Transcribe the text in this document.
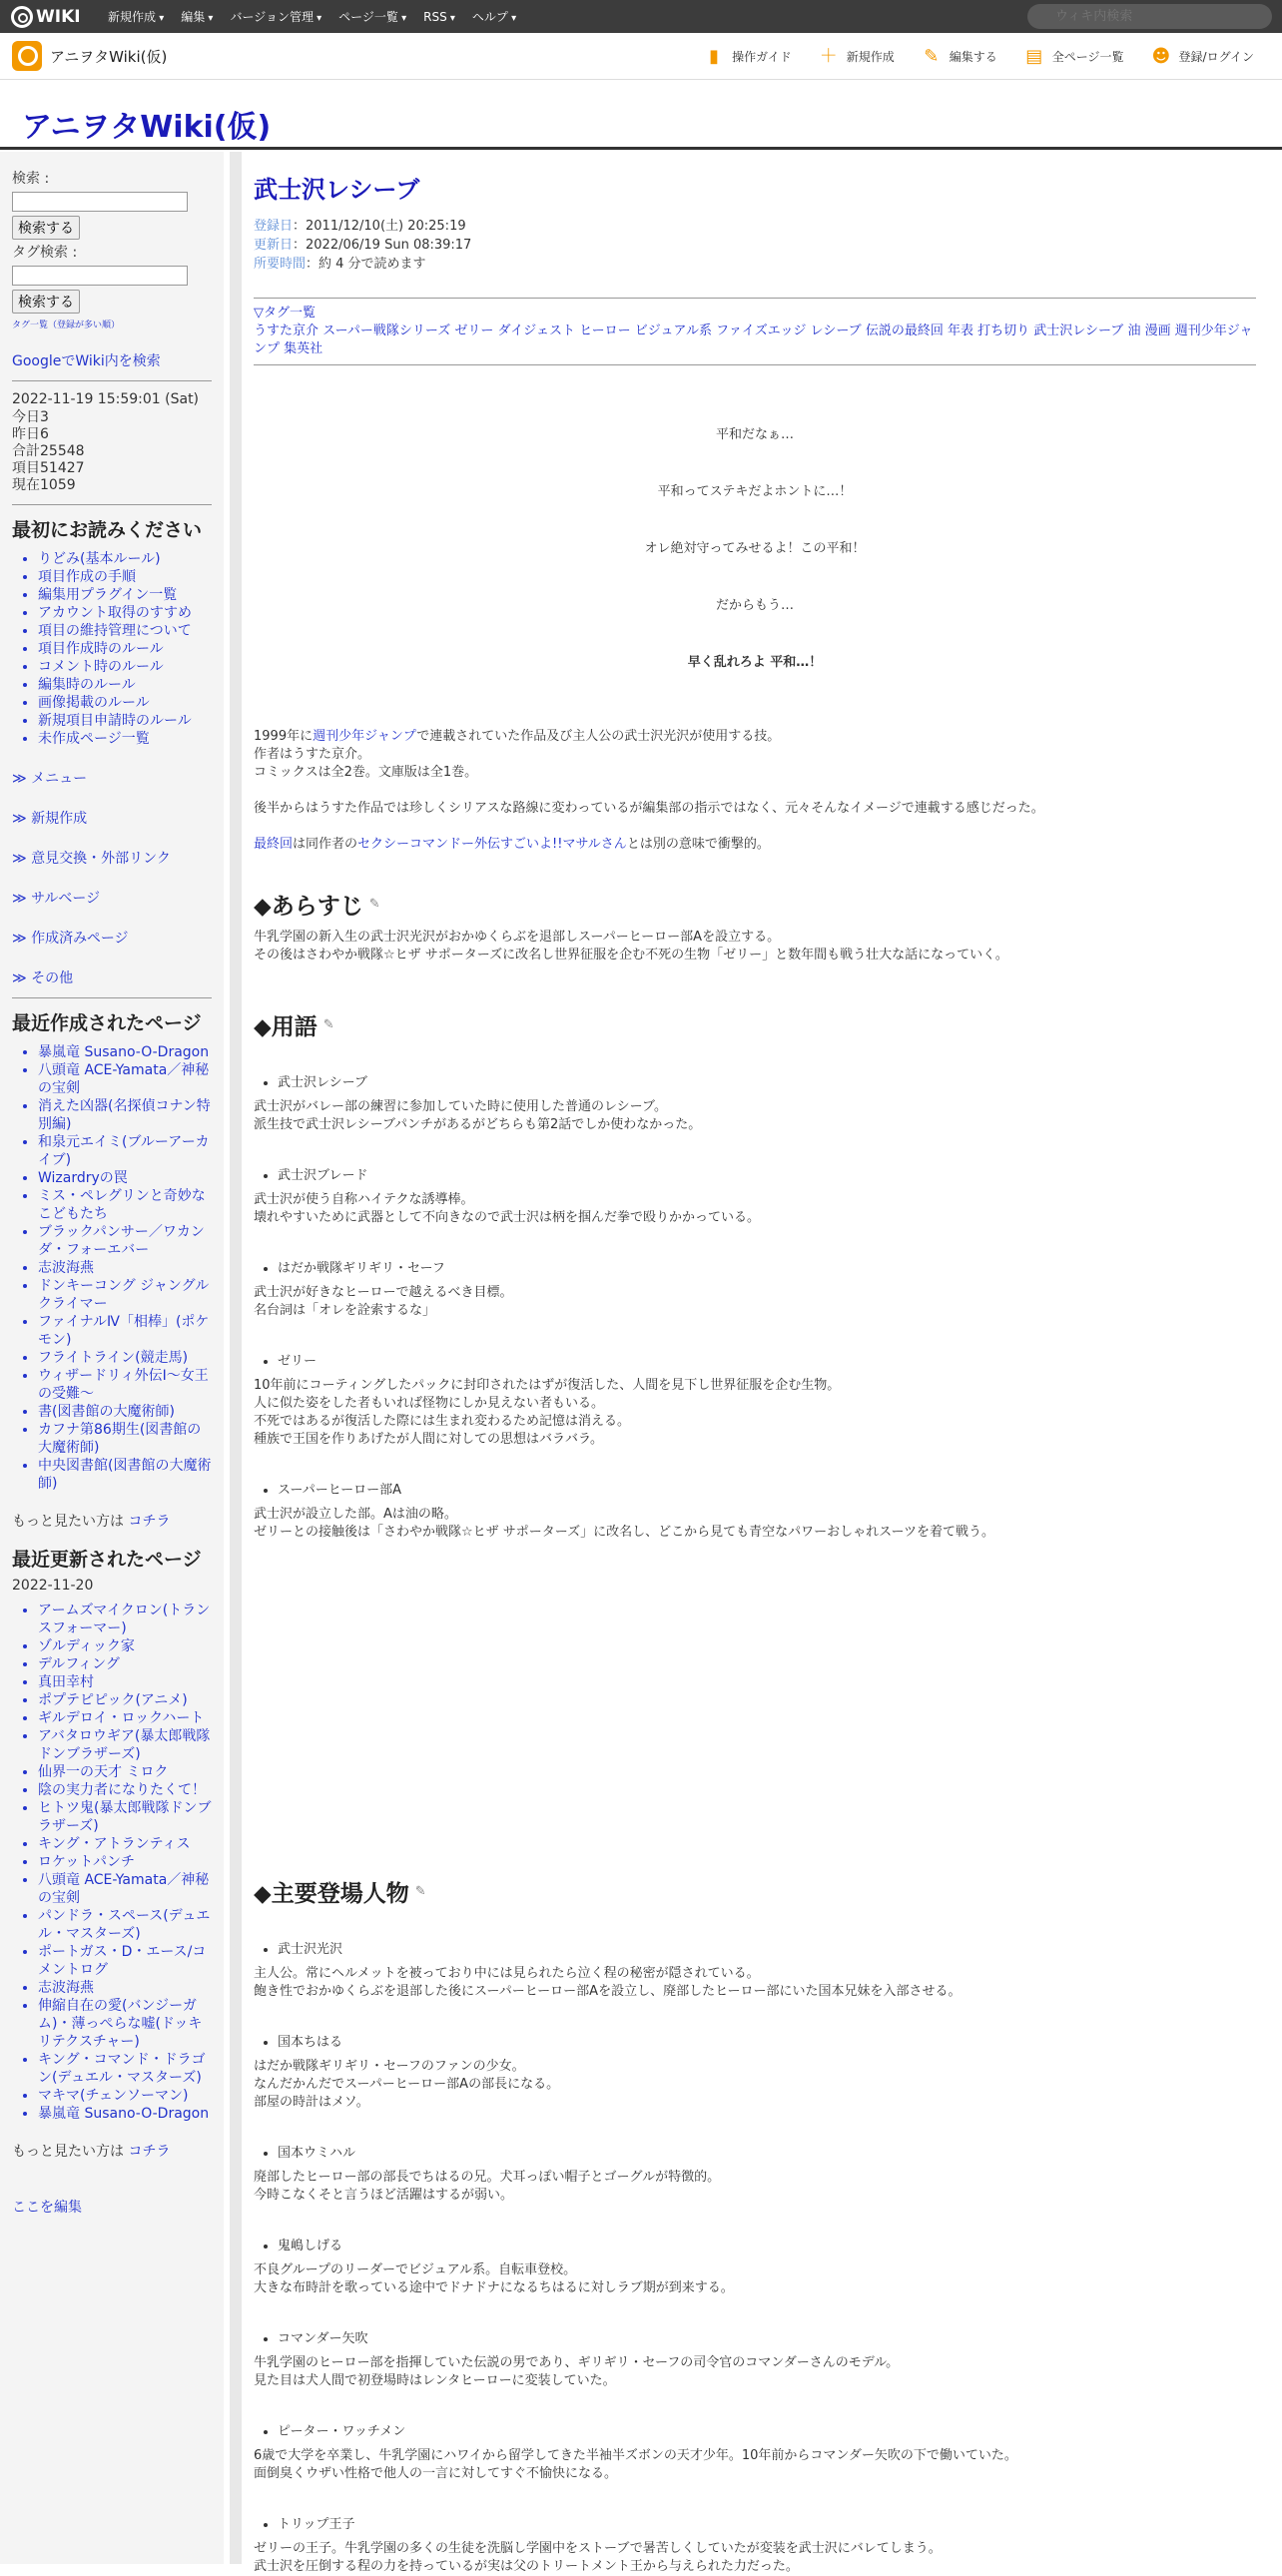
WIKI 新規作成 ▾	編集 ▾	バージョン管理 ▾	ページ一覧 ▾	RSS ▾	ヘルプ ▾
ウィキ内検索
アニヲタWiki(仮)	▮	操作ガイド ＋ 新規作成 ✎ 編集する ▤ 全ページ一覧 ☻ 登録/ログイン
アニヲタWiki(仮)
検索 :
検索する
タグ検索 :
検索する
タグ一覧（登録が多い順）
GoogleでWiki内を検索
2022-11-19 15:59:01 (Sat)
今日3
昨日6
合計25548
項目51427
現在1059
最初にお読みください
• りどみ(基本ルール)
• 項目作成の手順
• 編集用プラグイン一覧
• アカウント取得のすすめ
• 項目の維持管理について
• 項目作成時のルール
• コメント時のルール
• 編集時のルール
• 画像掲載のルール
• 新規項目申請時のルール
• 未作成ページ一覧
≫ メニュー
≫ 新規作成
≫ 意見交換・外部リンク
≫ サルベージ
≫ 作成済みページ
≫ その他
最近作成されたページ
• 暴嵐竜 Susano-O-Dragon
• 八頭竜 ACE-Yamata／神秘の宝剣
• 消えた凶器(名探偵コナン特別編)
• 和泉元エイミ(ブルーアーカイブ)
• Wizardryの罠
• ミス・ペレグリンと奇妙なこどもたち
• ブラックパンサー／ワカンダ・フォーエバー
• 志波海燕
• ドンキーコング ジャングルクライマー
• ファイナルⅣ「相棒」(ポケモン)
• フライトライン(競走馬)
• ウィザードリィ外伝Ⅰ～女王の受難～
• 書(図書館の大魔術師)
• カフナ第86期生(図書館の大魔術師)
• 中央図書館(図書館の大魔術師)
もっと見たい方は コチラ
最近更新されたページ
2022-11-20
• アームズマイクロン(トランスフォーマー)
• ゾルディック家
• デルフィング
• 真田幸村
• ポプテピピック(アニメ)
• ギルデロイ・ロックハート
• アバタロウギア(暴太郎戦隊ドンブラザーズ)
• 仙界一の天才 ミロク
• 陰の実力者になりたくて！
• ヒトツ鬼(暴太郎戦隊ドンブラザーズ)
• キング・アトランティス
• ロケットパンチ
• 八頭竜 ACE-Yamata／神秘の宝剣
• パンドラ・スペース(デュエル・マスターズ)
• ポートガス・D・エース/コメントログ
• 志波海燕
• 伸縮自在の愛(バンジーガム)・薄っぺらな嘘(ドッキリテクスチャー)
• キング・コマンド・ドラゴン(デュエル・マスターズ)
• マキマ(チェンソーマン)
• 暴嵐竜 Susano-O-Dragon
もっと見たい方は コチラ
ここを編集
武士沢レシーブ
登録日：2011/12/10(土) 20:25:19
更新日：2022/06/19 Sun 08:39:17
所要時間：約 4 分で読めます
▽タグ一覧
うすた京介 スーパー戦隊シリーズ ゼリー ダイジェスト ヒーロー ビジュアル系 ファイズエッジ レシーブ 伝説の最終回 年表 打ち切り 武士沢レシーブ 油 漫画 週刊少年ジャンプ 集英社
平和だなぁ…
平和ってステキだよホントに…！
オレ絶対守ってみせるよ！この平和！
だからもう…
早く乱れろよ 平和…！
1999年に週刊少年ジャンプで連載されていた作品及び主人公の武士沢光沢が使用する技。
作者はうすた京介。
コミックスは全2巻。文庫版は全1巻。
後半からはうすた作品では珍しくシリアスな路線に変わっているが編集部の指示ではなく、元々そんなイメージで連載する感じだった。
最終回は同作者のセクシーコマンドー外伝すごいよ!!マサルさんとは別の意味で衝撃的。
◆あらすじ ✎
牛乳学園の新入生の武士沢光沢がおかゆくらぶを退部しスーパーヒーロー部Aを設立する。
その後はさわやか戦隊☆ヒザ サポーターズに改名し世界征服を企む不死の生物「ゼリー」と数年間も戦う壮大な話になっていく。
◆用語 ✎
• 武士沢レシーブ
武士沢がバレー部の練習に参加していた時に使用した普通のレシーブ。
派生技で武士沢レシーブパンチがあるがどちらも第2話でしか使わなかった。
• 武士沢ブレード
武士沢が使う自称ハイテクな誘導棒。
壊れやすいために武器として不向きなので武士沢は柄を掴んだ拳で殴りかかっている。
• はだか戦隊ギリギリ・セーフ
武士沢が好きなヒーローで越えるべき目標。
名台詞は「オレを詮索するな」
• ゼリー
10年前にコーティングしたパックに封印されたはずが復活した、人間を見下し世界征服を企む生物。
人に似た姿をした者もいれば怪物にしか見えない者もいる。
不死ではあるが復活した際には生まれ変わるため記憶は消える。
種族で王国を作りあげたが人間に対しての思想はバラバラ。
• スーパーヒーロー部A
武士沢が設立した部。Aは油の略。
ゼリーとの接触後は「さわやか戦隊☆ヒザ サポーターズ」に改名し、どこから見ても青空なパワーおしゃれスーツを着て戦う。
◆主要登場人物 ✎
• 武士沢光沢
主人公。常にヘルメットを被っており中には見られたら泣く程の秘密が隠されている。
飽き性でおかゆくらぶを退部した後にスーパーヒーロー部Aを設立し、廃部したヒーロー部にいた国本兄妹を入部させる。
• 国本ちはる
はだか戦隊ギリギリ・セーフのファンの少女。
なんだかんだでスーパーヒーロー部Aの部長になる。
部屋の時計はメソ。
• 国本ウミハル
廃部したヒーロー部の部長でちはるの兄。犬耳っぽい帽子とゴーグルが特徴的。
今時こなくそと言うほど活躍はするが弱い。
• 鬼嶋しげる
不良グループのリーダーでビジュアル系。自転車登校。
大きな布時計を歌っている途中でドナドナになるちはるに対しラブ期が到来する。
• コマンダー矢吹
牛乳学園のヒーロー部を指揮していた伝説の男であり、ギリギリ・セーフの司令官のコマンダーさんのモデル。
見た目は犬人間で初登場時はレンタヒーローに変装していた。
• ピーター・ワッチメン
6歳で大学を卒業し、牛乳学園にハワイから留学してきた半袖半ズボンの天才少年。10年前からコマンダー矢吹の下で働いていた。
面倒臭くウザい性格で他人の一言に対してすぐ不愉快になる。
• トリップ王子
ゼリーの王子。牛乳学園の多くの生徒を洗脳し学園中をストーブで暑苦しくしていたが変装を武士沢にバレてしまう。
武士沢を圧倒する程の力を持っているが実は父のトリートメント王から与えられた力だった。
